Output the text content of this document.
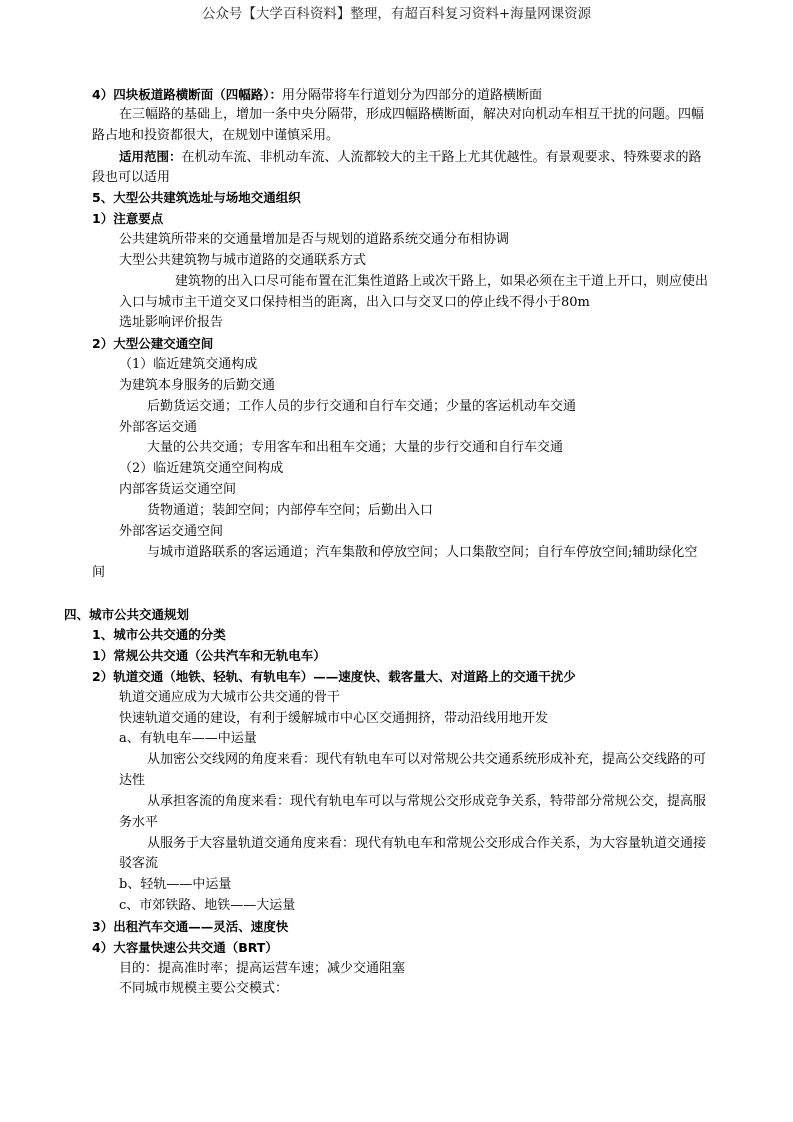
公众号【大学百科资料】整理，有超百科复习资料+海量网课资源
4）四块板道路横断面（四幅路）：用分隔带将车行道划分为四部分的道路横断面
在三幅路的基础上，增加一条中央分隔带，形成四幅路横断面，解决对向机动车相互干扰的问题。四幅
路占地和投资都很大，在规划中谨慎采用。
适用范围：在机动车流、非机动车流、人流都较大的主干路上尤其优越性。有景观要求、特殊要求的路
段也可以适用
5、大型公共建筑选址与场地交通组织
1）注意要点
公共建筑所带来的交通量增加是否与规划的道路系统交通分布相协调
大型公共建筑物与城市道路的交通联系方式
建筑物的出入口尽可能布置在汇集性道路上或次干路上，如果必须在主干道上开口，则应使出
入口与城市主干道交叉口保持相当的距离，出入口与交叉口的停止线不得小于80m
选址影响评价报告
2）大型公建交通空间
（1）临近建筑交通构成
为建筑本身服务的后勤交通
后勤货运交通；工作人员的步行交通和自行车交通；少量的客运机动车交通
外部客运交通
大量的公共交通；专用客车和出租车交通；大量的步行交通和自行车交通
（2）临近建筑交通空间构成
内部客货运交通空间
货物通道；装卸空间；内部停车空间；后勤出入口
外部客运交通空间
与城市道路联系的客运通道；汽车集散和停放空间；人口集散空间；自行车停放空间;辅助绿化空
间
四、城市公共交通规划
1、城市公共交通的分类
1）常规公共交通（公共汽车和无轨电车）
2）轨道交通（地铁、轻轨、有轨电车）——速度快、载客量大、对道路上的交通干扰少
轨道交通应成为大城市公共交通的骨干
快速轨道交通的建设，有利于缓解城市中心区交通拥挤，带动沿线用地开发
a、有轨电车——中运量
从加密公交线网的角度来看：现代有轨电车可以对常规公共交通系统形成补充，提高公交线路的可
达性
从承担客流的角度来看：现代有轨电车可以与常规公交形成竞争关系，特带部分常规公交，提高服
务水平
从服务于大容量轨道交通角度来看：现代有轨电车和常规公交形成合作关系，为大容量轨道交通接
驳客流
b、轻轨——中运量
c、市郊铁路、地铁——大运量
3）出租汽车交通——灵活、速度快
4）大容量快速公共交通（BRT）
目的：提高准时率；提高运营车速；减少交通阻塞
不同城市规模主要公交模式：
